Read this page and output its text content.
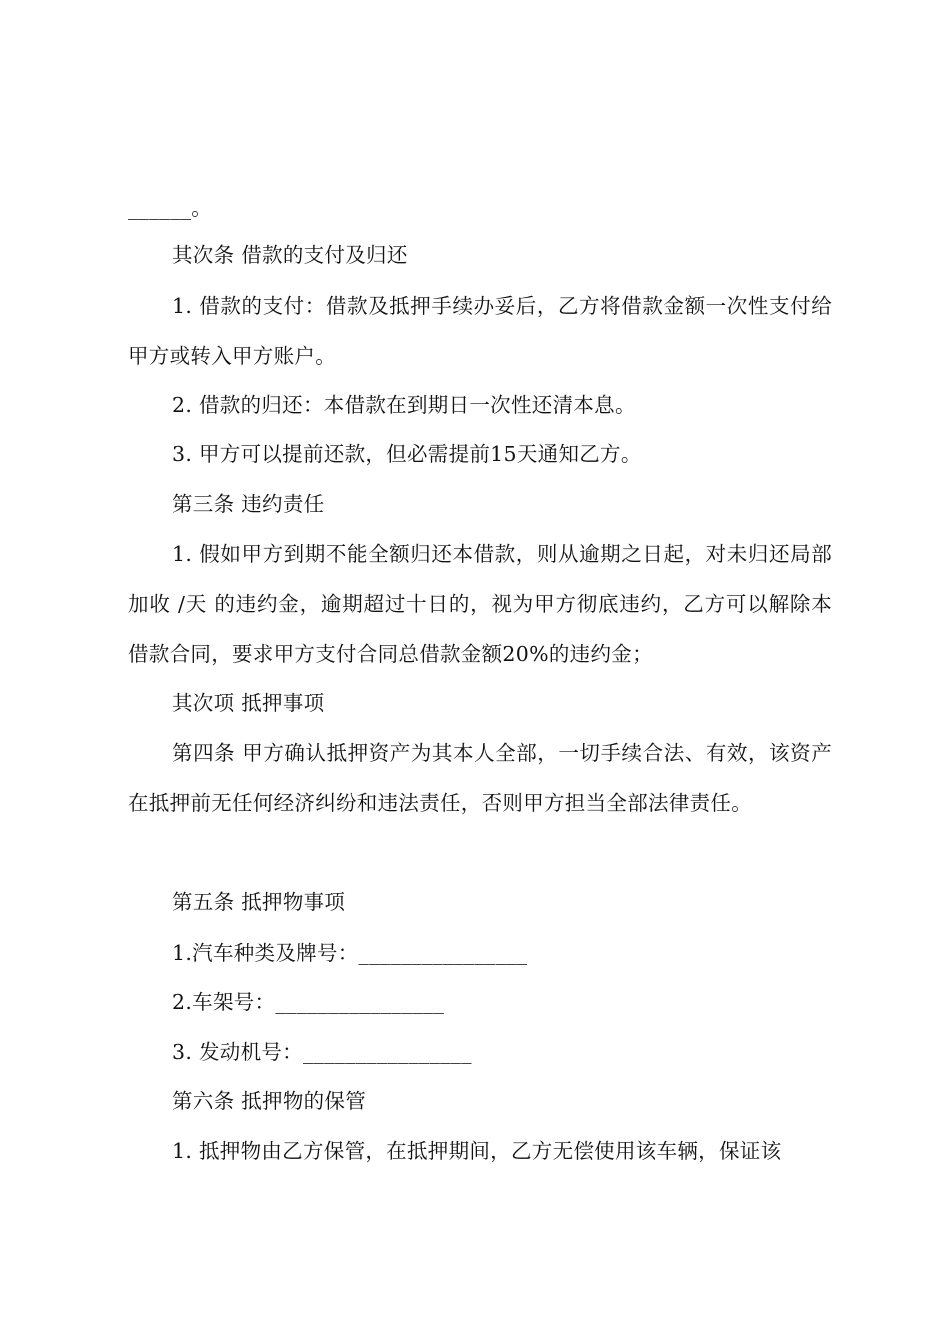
______。

其次条 借款的支付及归还

1. 借款的支付：借款及抵押手续办妥后，乙方将借款金额一次性支付给甲方或转入甲方账户。

2. 借款的归还：本借款在到期日一次性还清本息。

3. 甲方可以提前还款，但必需提前15天通知乙方。

第三条 违约责任

1. 假如甲方到期不能全额归还本借款，则从逾期之日起，对未归还局部加收 /天 的违约金，逾期超过十日的，视为甲方彻底违约，乙方可以解除本借款合同，要求甲方支付合同总借款金额20%的违约金；

其次项 抵押事项

第四条 甲方确认抵押资产为其本人全部，一切手续合法、有效，该资产在抵押前无任何经济纠纷和违法责任，否则甲方担当全部法律责任。

第五条 抵押物事项

1.汽车种类及牌号：________________

2.车架号：________________

3. 发动机号：________________

第六条 抵押物的保管

1. 抵押物由乙方保管，在抵押期间，乙方无偿使用该车辆，保证该
